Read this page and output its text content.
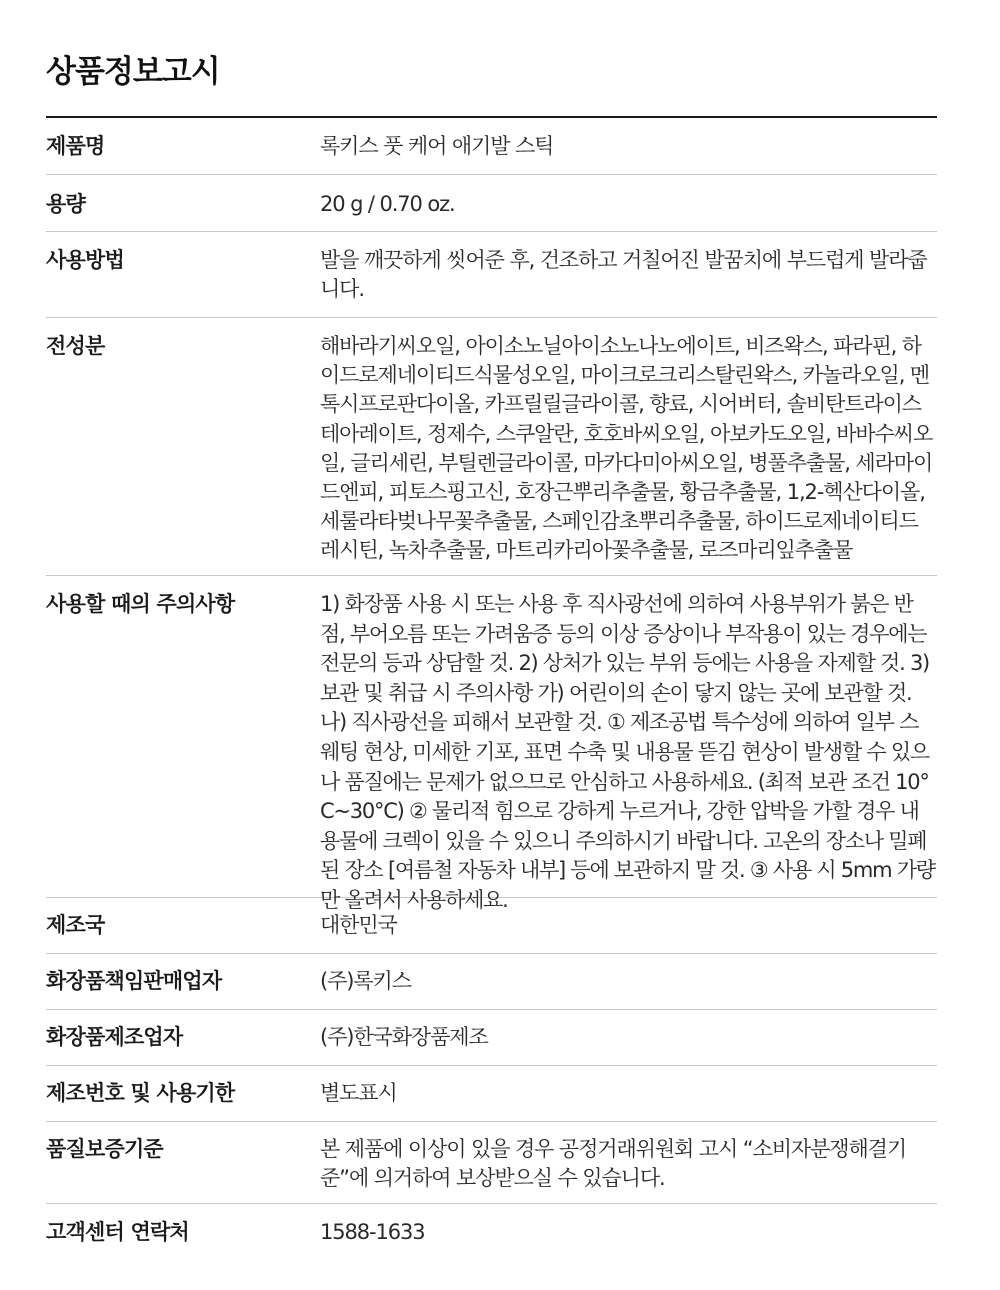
상품정보고시
제품명	록키스 풋 케어 애기발 스틱
용량	20 g / 0.70 oz.
사용방법	발을 깨끗하게 씻어준 후, 건조하고 거칠어진 발꿈치에 부드럽게 발라줍니다.
전성분	해바라기씨오일, 아이소노닐아이소노나노에이트, 비즈왁스, 파라핀, 하이드로제네이티드식물성오일, 마이크로크리스탈린왁스, 카놀라오일, 멘톡시프로판다이올, 카프릴릴글라이콜, 향료, 시어버터, 솔비탄트라이스테아레이트, 정제수, 스쿠알란, 호호바씨오일, 아보카도오일, 바바수씨오일, 글리세린, 부틸렌글라이콜, 마카다미아씨오일, 병풀추출물, 세라마이드엔피, 피토스핑고신, 호장근뿌리추출물, 황금추출물, 1,2-헥산다이올, 세룰라타벚나무꽃추출물, 스페인감초뿌리추출물, 하이드로제네이티드레시틴, 녹차추출물, 마트리카리아꽃추출물, 로즈마리잎추출물
사용할 때의 주의사항	1) 화장품 사용 시 또는 사용 후 직사광선에 의하여 사용부위가 붉은 반점, 부어오름 또는 가려움증 등의 이상 증상이나 부작용이 있는 경우에는 전문의 등과 상담할 것. 2) 상처가 있는 부위 등에는 사용을 자제할 것. 3) 보관 및 취급 시 주의사항 가) 어린이의 손이 닿지 않는 곳에 보관할 것. 나) 직사광선을 피해서 보관할 것. ① 제조공법 특수성에 의하여 일부 스웨팅 현상, 미세한 기포, 표면 수축 및 내용물 뜯김 현상이 발생할 수 있으나 품질에는 문제가 없으므로 안심하고 사용하세요. (최적 보관 조건 10°C~30°C) ② 물리적 힘으로 강하게 누르거나, 강한 압박을 가할 경우 내용물에 크렉이 있을 수 있으니 주의하시기 바랍니다. 고온의 장소나 밀폐된 장소 [여름철 자동차 내부] 등에 보관하지 말 것. ③ 사용 시 5mm 가량만 올려서 사용하세요.
제조국	대한민국
화장품책임판매업자	(주)록키스
화장품제조업자	(주)한국화장품제조
제조번호 및 사용기한	별도표시
품질보증기준	본 제품에 이상이 있을 경우 공정거래위원회 고시 “소비자분쟁해결기준”에 의거하여 보상받으실 수 있습니다.
고객센터 연락처	1588-1633
